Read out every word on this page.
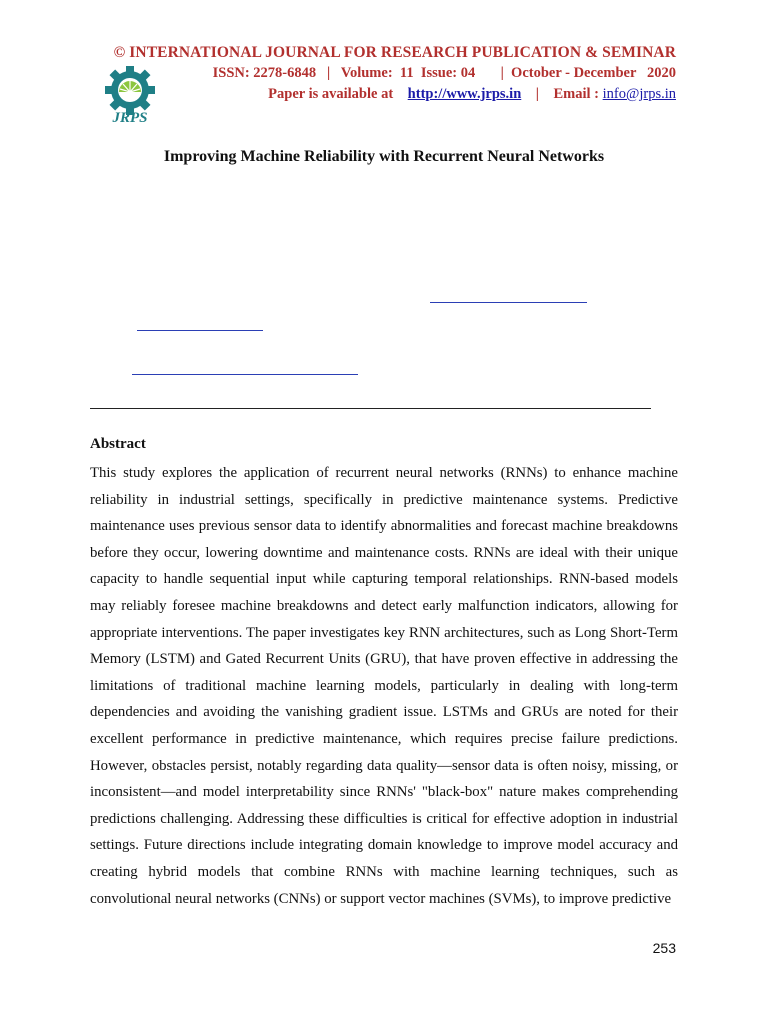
JRPS
© INTERNATIONAL JOURNAL FOR RESEARCH PUBLICATION & SEMINAR
ISSN: 2278-6848   |   Volume:  11  Issue: 04       |  October - December   2020
Paper is available at http://www.jrps.in | Email : info@jrps.in
Improving Machine Reliability with Recurrent Neural Networks
Abstract
This study explores the application of recurrent neural networks (RNNs) to enhance machine reliability in industrial settings, specifically in predictive maintenance systems. Predictive maintenance uses previous sensor data to identify abnormalities and forecast machine breakdowns before they occur, lowering downtime and maintenance costs. RNNs are ideal with their unique capacity to handle sequential input while capturing temporal relationships. RNN-based models may reliably foresee machine breakdowns and detect early malfunction indicators, allowing for appropriate interventions. The paper investigates key RNN architectures, such as Long Short-Term Memory (LSTM) and Gated Recurrent Units (GRU), that have proven effective in addressing the limitations of traditional machine learning models, particularly in dealing with long-term dependencies and avoiding the vanishing gradient issue. LSTMs and GRUs are noted for their excellent performance in predictive maintenance, which requires precise failure predictions. However, obstacles persist, notably regarding data quality—sensor data is often noisy, missing, or inconsistent—and model interpretability since RNNs' "black-box" nature makes comprehending predictions challenging. Addressing these difficulties is critical for effective adoption in industrial settings. Future directions include integrating domain knowledge to improve model accuracy and creating hybrid models that combine RNNs with machine learning techniques, such as convolutional neural networks (CNNs) or support vector machines (SVMs), to improve predictive
253
